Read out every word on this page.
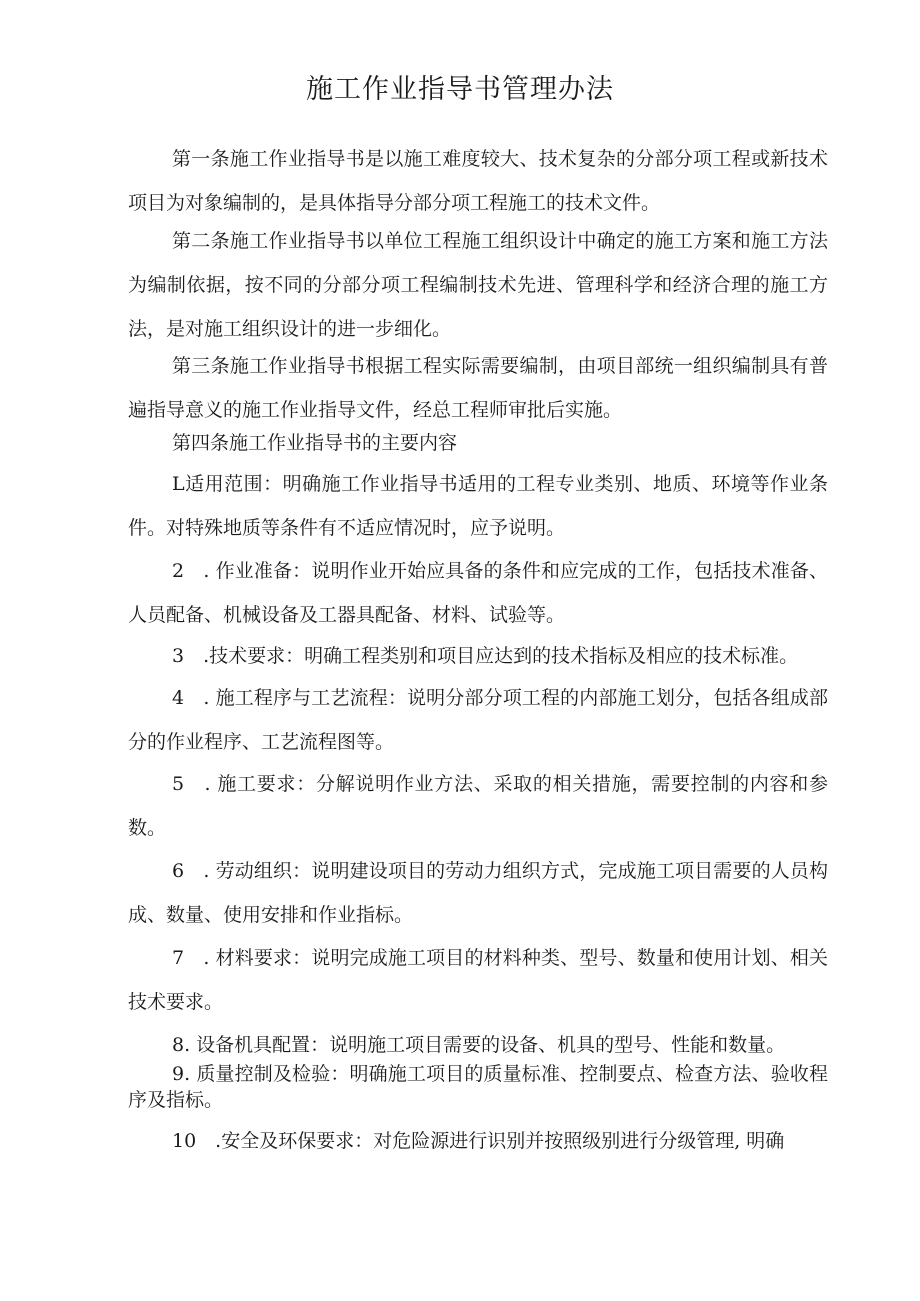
施工作业指导书管理办法
第一条施工作业指导书是以施工难度较大、技术复杂的分部分项工程或新技术项目为对象编制的，是具体指导分部分项工程施工的技术文件。
第二条施工作业指导书以单位工程施工组织设计中确定的施工方案和施工方法为编制依据，按不同的分部分项工程编制技术先进、管理科学和经济合理的施工方法，是对施工组织设计的进一步细化。
第三条施工作业指导书根据工程实际需要编制，由项目部统一组织编制具有普遍指导意义的施工作业指导文件，经总工程师审批后实施。
第四条施工作业指导书的主要内容
L适用范围：明确施工作业指导书适用的工程专业类别、地质、环境等作业条件。对特殊地质等条件有不适应情况时，应予说明。
2　. 作业准备：说明作业开始应具备的条件和应完成的工作，包括技术准备、人员配备、机械设备及工器具配备、材料、试验等。
3　.技术要求：明确工程类别和项目应达到的技术指标及相应的技术标准。
4　. 施工程序与工艺流程：说明分部分项工程的内部施工划分，包括各组成部分的作业程序、工艺流程图等。
5　. 施工要求：分解说明作业方法、采取的相关措施，需要控制的内容和参数。
6　. 劳动组织：说明建设项目的劳动力组织方式，完成施工项目需要的人员构成、数量、使用安排和作业指标。
7　. 材料要求：说明完成施工项目的材料种类、型号、数量和使用计划、相关技术要求。
8. 设备机具配置：说明施工项目需要的设备、机具的型号、性能和数量。
9. 质量控制及检验：明确施工项目的质量标准、控制要点、检查方法、验收程序及指标。
10　.安全及环保要求：对危险源进行识别并按照级别进行分级管理, 明确
